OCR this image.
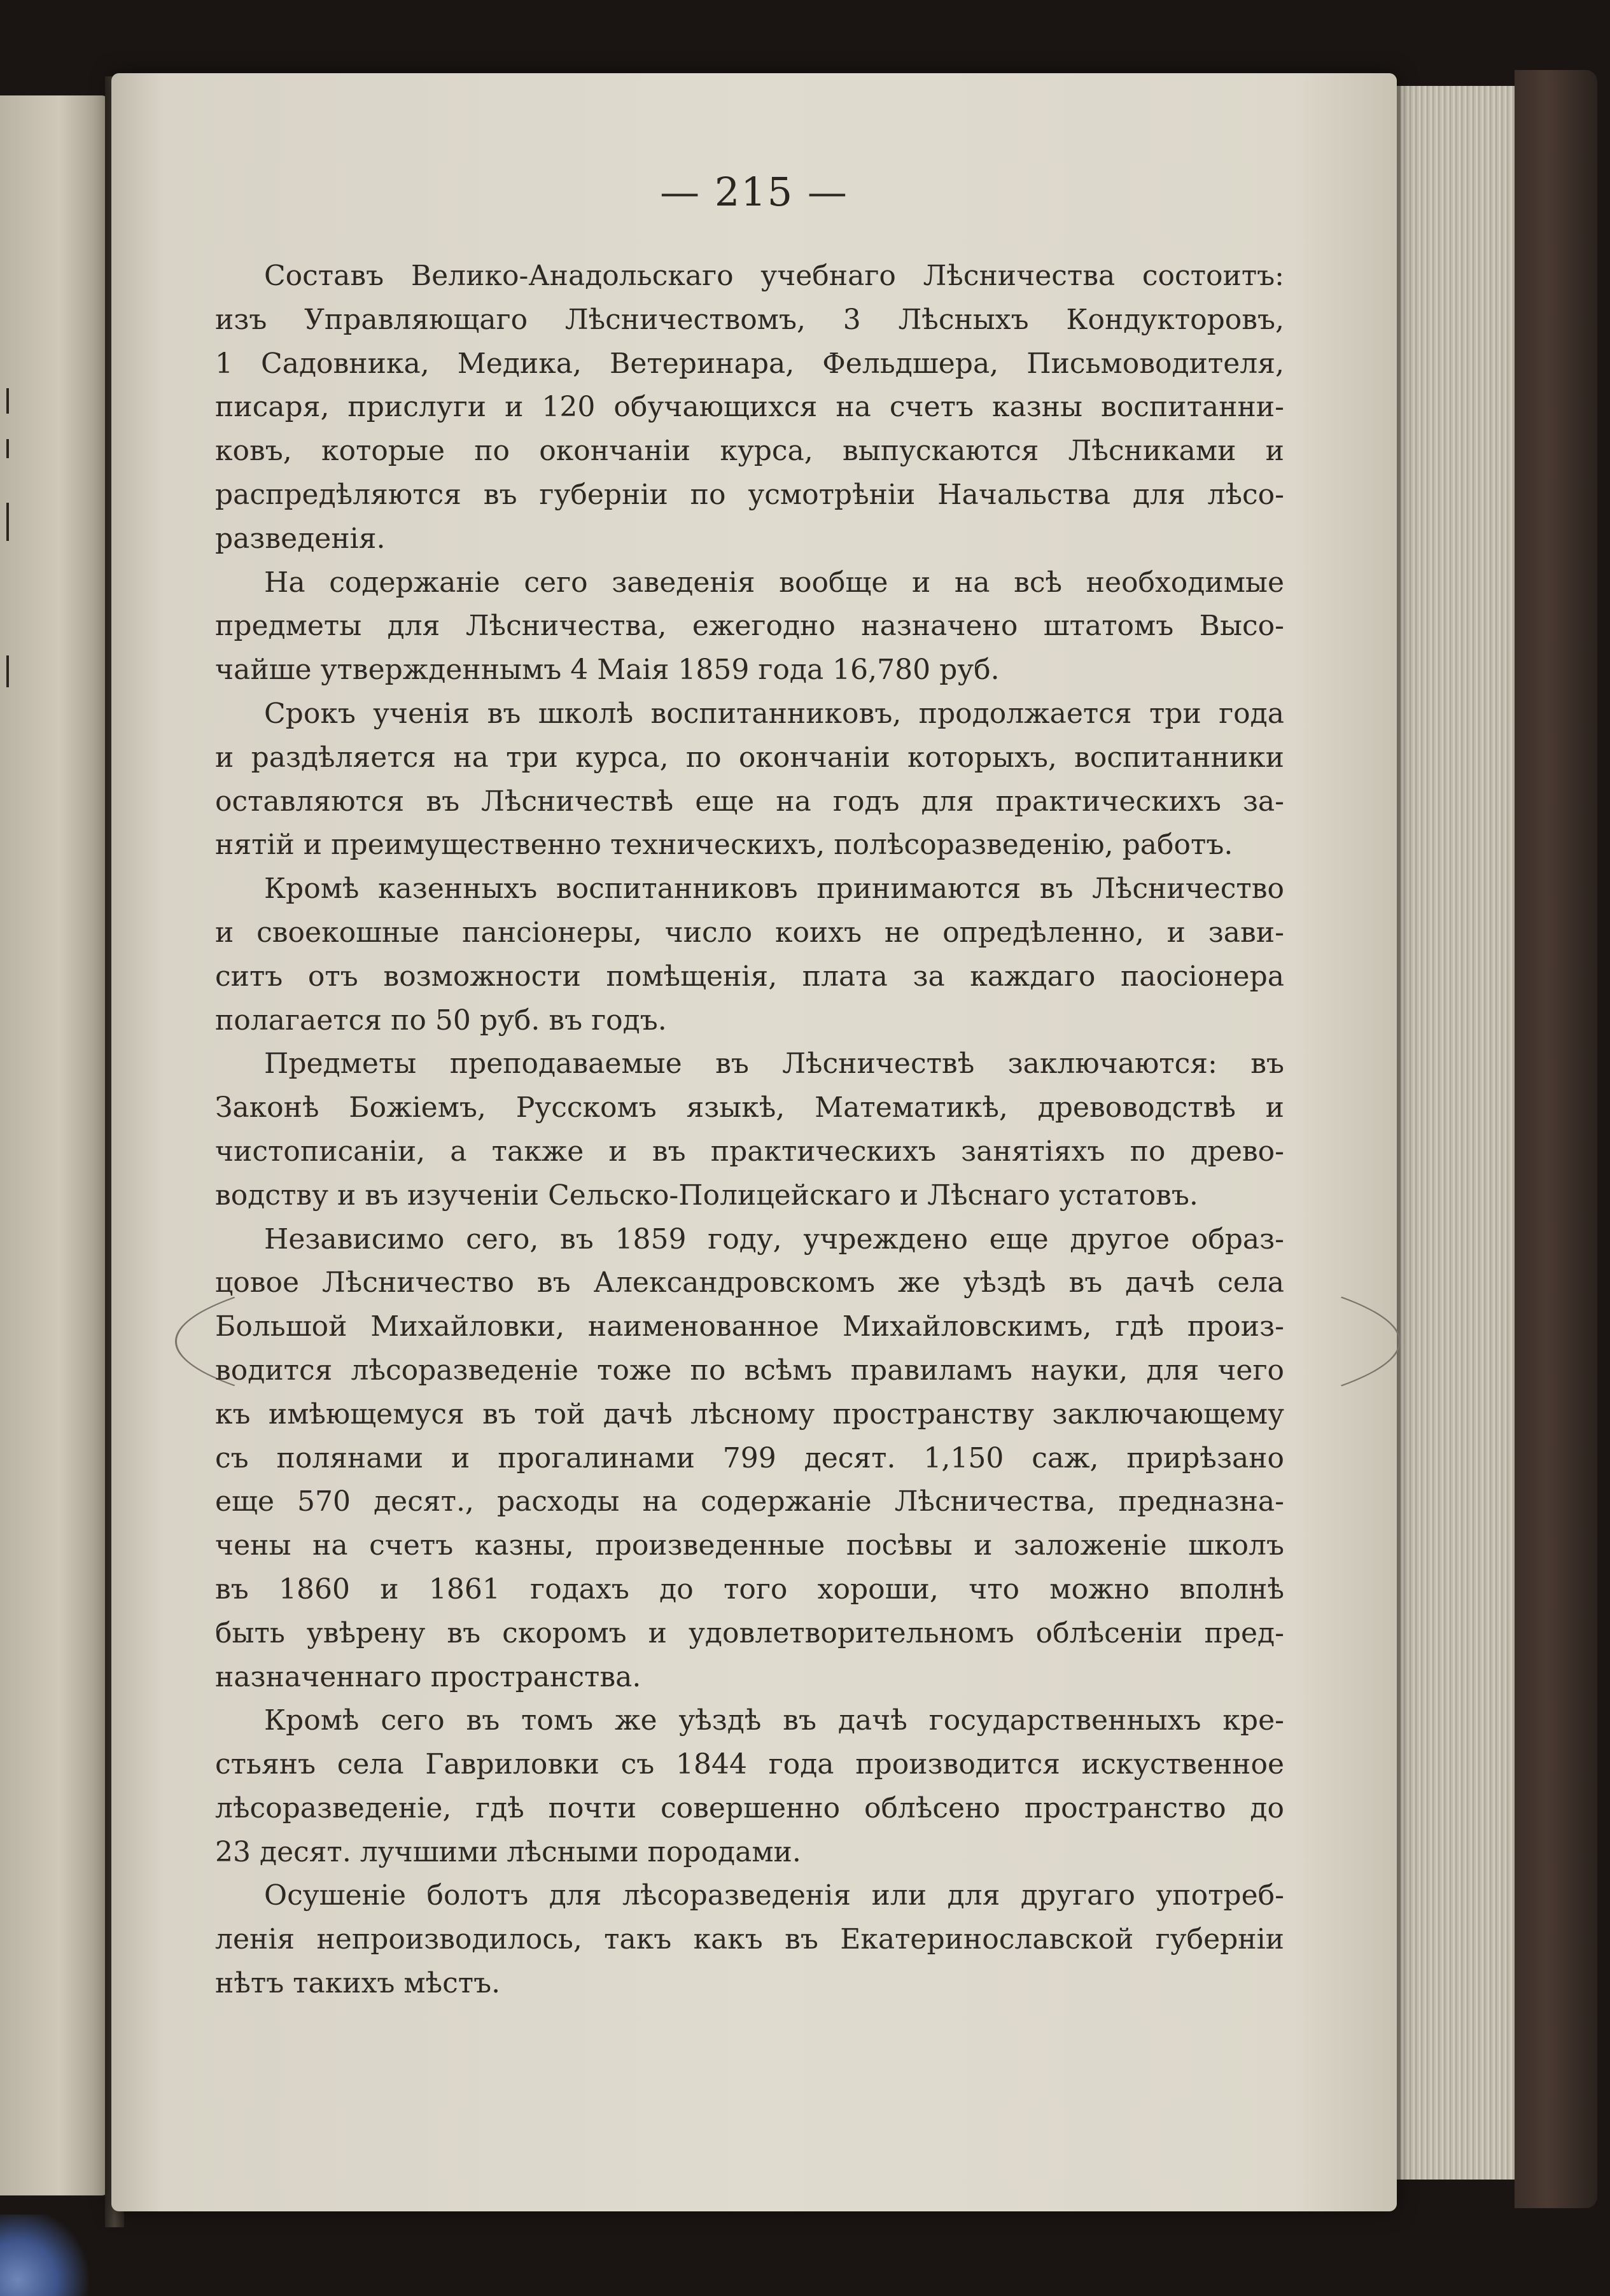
— 215 —

Составъ Велико-Анадольскаго учебнаго Лѣсничества состоитъ:

изъ Управляющаго Лѣсничествомъ, 3 Лѣсныхъ Кондукторовъ,

1 Садовника, Медика, Ветеринара, Фельдшера, Письмоводителя,

писаря, прислуги и 120 обучающихся на счетъ казны воспитанни-

ковъ, которые по окончаніи курса, выпускаются Лѣсниками и

распредѣляются въ губерніи по усмотрѣніи Начальства для лѣсо-

разведенія.

На содержаніе сего заведенія вообще и на всѣ необходимые

предметы для Лѣсничества, ежегодно назначено штатомъ Высо-

чайше утвержденнымъ 4 Маія 1859 года 16,780 руб.

Срокъ ученія въ школѣ воспитанниковъ, продолжается три года

и раздѣляется на три курса, по окончаніи которыхъ, воспитанники

оставляются въ Лѣсничествѣ еще на годъ для практическихъ за-

нятій и преимущественно техническихъ, полѣсоразведенію, работъ.

Кромѣ казенныхъ воспитанниковъ принимаются въ Лѣсничество

и своекошные пансіонеры, число коихъ не опредѣленно, и зави-

ситъ отъ возможности помѣщенія, плата за каждаго паосіонера

полагается по 50 руб. въ годъ.

Предметы преподаваемые въ Лѣсничествѣ заключаются: въ

Законѣ Божіемъ, Русскомъ языкѣ, Математикѣ, древоводствѣ и

чистописаніи, а также и въ практическихъ занятіяхъ по древо-

водству и въ изученіи Сельско-Полицейскаго и Лѣснаго устатовъ.

Независимо сего, въ 1859 году, учреждено еще другое образ-

цовое Лѣсничество въ Александровскомъ же уѣздѣ въ дачѣ села

Большой Михайловки, наименованное Михайловскимъ, гдѣ произ-

водится лѣсоразведеніе тоже по всѣмъ правиламъ науки, для чего

къ имѣющемуся въ той дачѣ лѣсному пространству заключающему

съ полянами и прогалинами 799 десят. 1,150 саж, прирѣзано

еще 570 десят., расходы на содержаніе Лѣсничества, предназна-

чены на счетъ казны, произведенные посѣвы и заложеніе школъ

въ 1860 и 1861 годахъ до того хороши, что можно вполнѣ

быть увѣрену въ скоромъ и удовлетворительномъ облѣсеніи пред-

назначеннаго пространства.

Кромѣ сего въ томъ же уѣздѣ въ дачѣ государственныхъ кре-

стьянъ села Гавриловки съ 1844 года производится искуственное

лѣсоразведеніе, гдѣ почти совершенно облѣсено пространство до

23 десят. лучшими лѣсными породами.

Осушеніе болотъ для лѣсоразведенія или для другаго употреб-

ленія непроизводилось, такъ какъ въ Екатеринославской губерніи

нѣтъ такихъ мѣстъ.
